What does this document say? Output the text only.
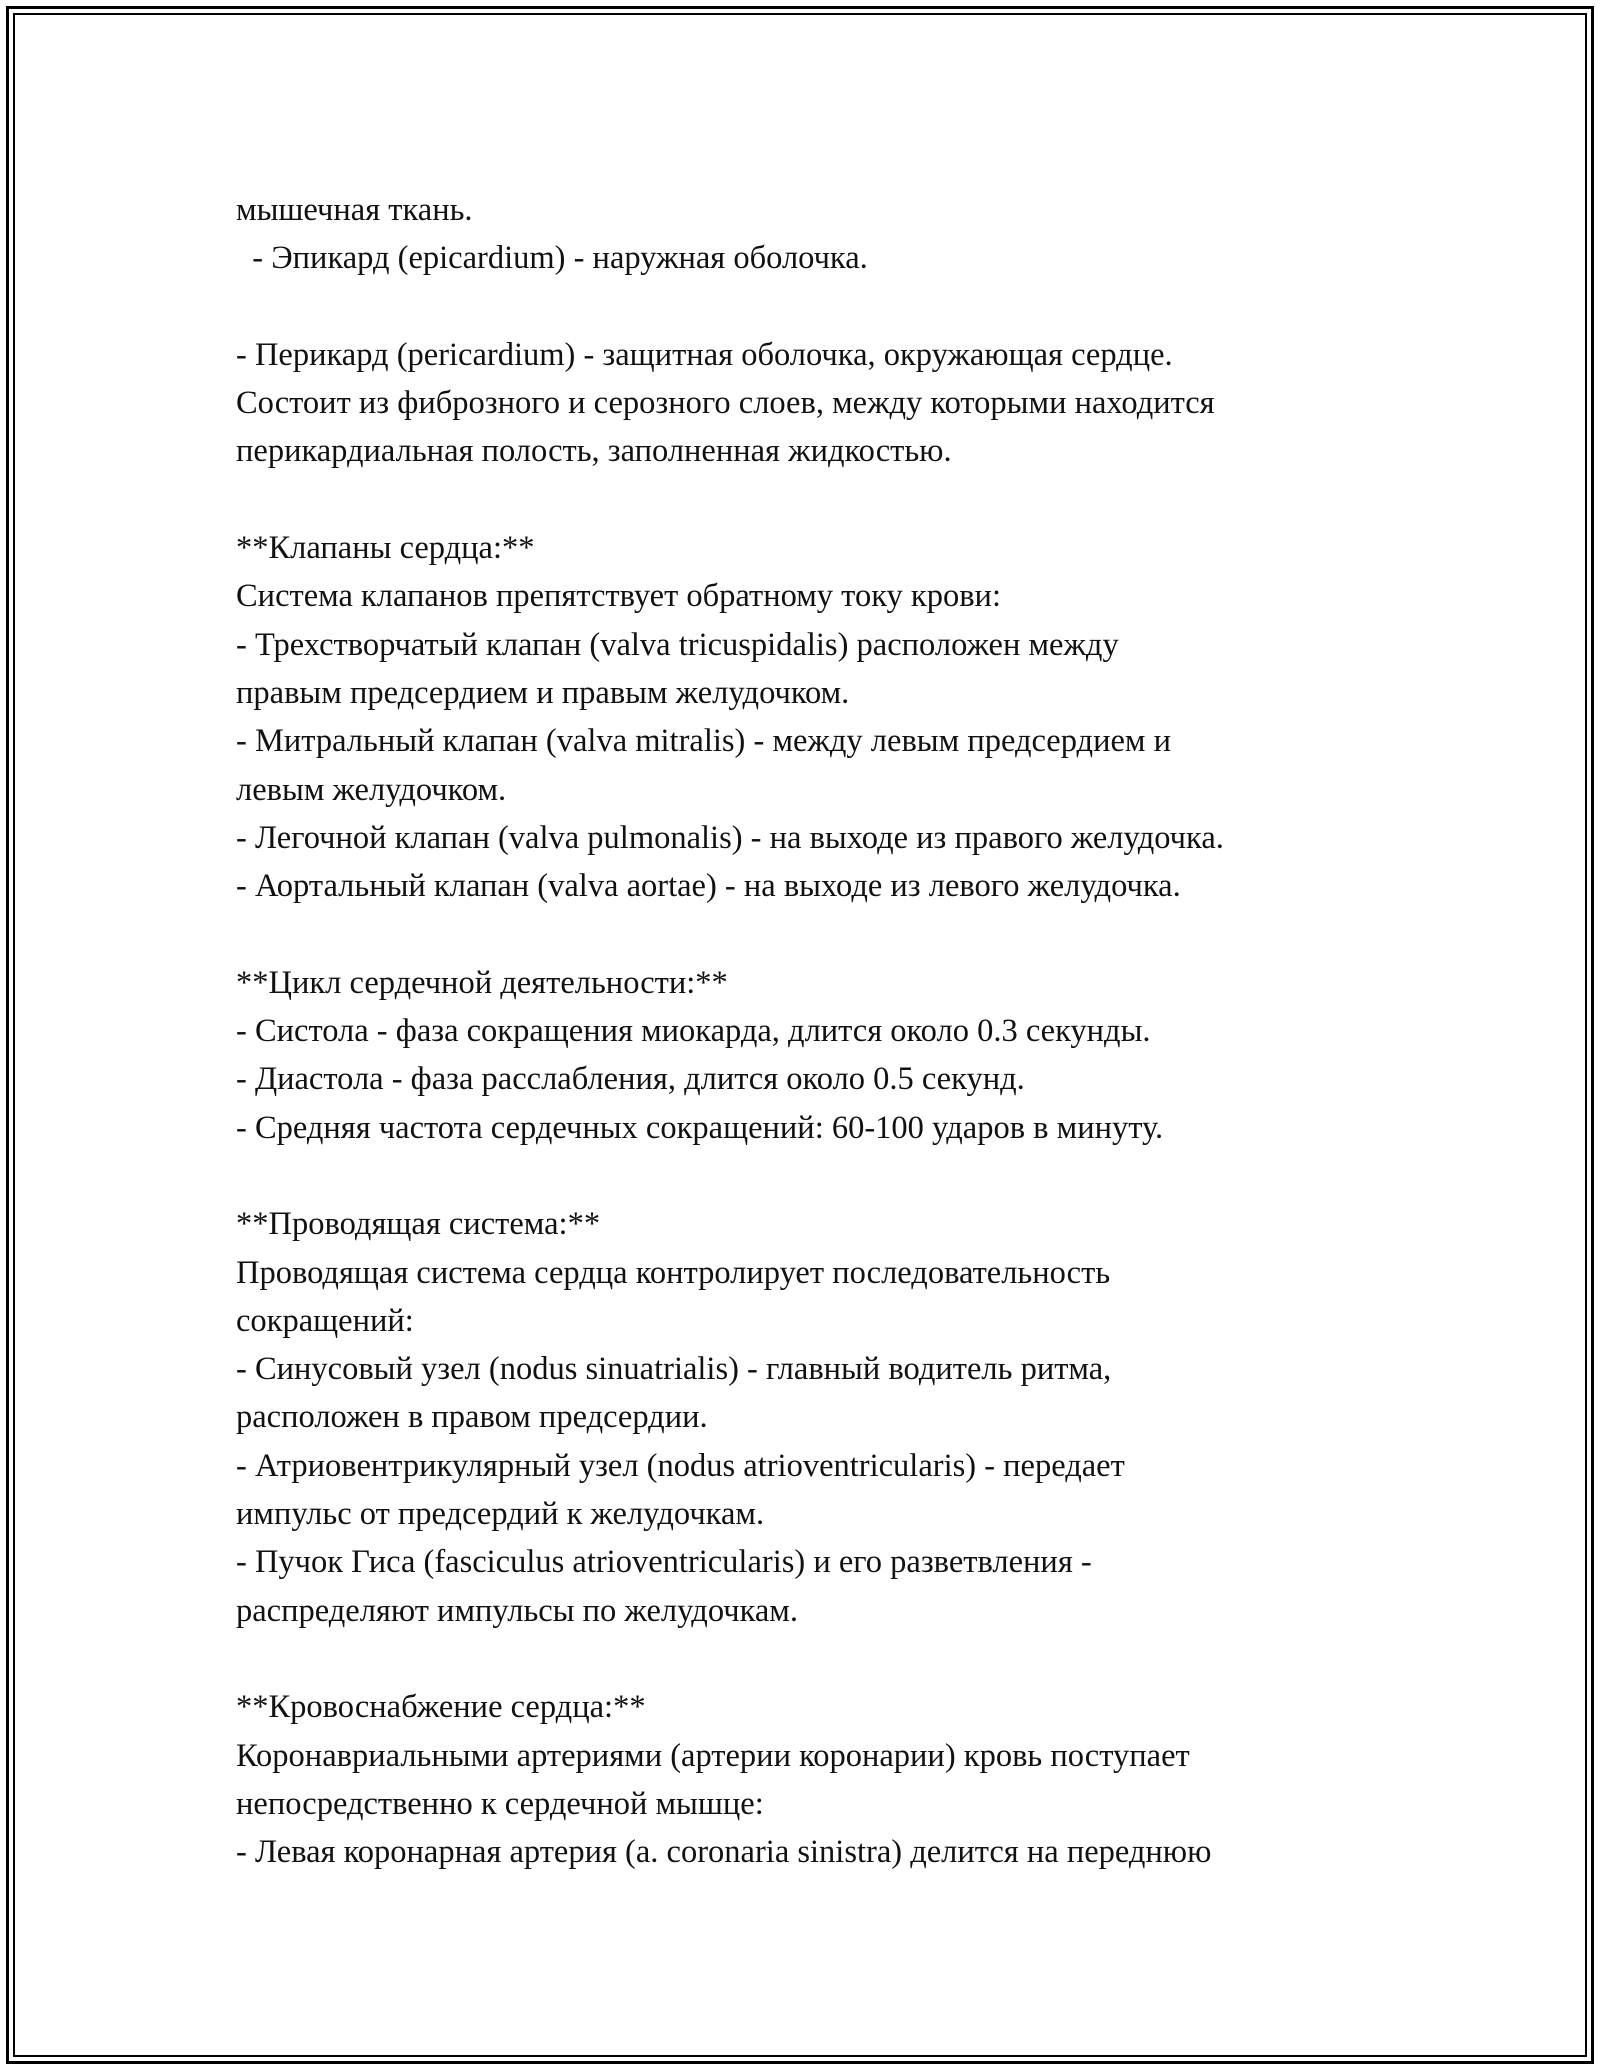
мышечная ткань.
- Эпикард (epicardium) - наружная оболочка.
- Перикард (pericardium) - защитная оболочка, окружающая сердце.
Состоит из фиброзного и серозного слоев, между которыми находится
перикардиальная полость, заполненная жидкостью.
**Клапаны сердца:**
Система клапанов препятствует обратному току крови:
- Трехстворчатый клапан (valva tricuspidalis) расположен между
правым предсердием и правым желудочком.
- Митральный клапан (valva mitralis) - между левым предсердием и
левым желудочком.
- Легочной клапан (valva pulmonalis) - на выходе из правого желудочка.
- Аортальный клапан (valva aortae) - на выходе из левого желудочка.
**Цикл сердечной деятельности:**
- Систола - фаза сокращения миокарда, длится около 0.3 секунды.
- Диастола - фаза расслабления, длится около 0.5 секунд.
- Средняя частота сердечных сокращений: 60-100 ударов в минуту.
**Проводящая система:**
Проводящая система сердца контролирует последовательность
сокращений:
- Синусовый узел (nodus sinuatrialis) - главный водитель ритма,
расположен в правом предсердии.
- Атриовентрикулярный узел (nodus atrioventricularis) - передает
импульс от предсердий к желудочкам.
- Пучок Гиса (fasciculus atrioventricularis) и его разветвления -
распределяют импульсы по желудочкам.
**Кровоснабжение сердца:**
Коронавриальными артериями (артерии коронарии) кровь поступает
непосредственно к сердечной мышце:
- Левая коронарная артерия (a. coronaria sinistra) делится на переднюю
